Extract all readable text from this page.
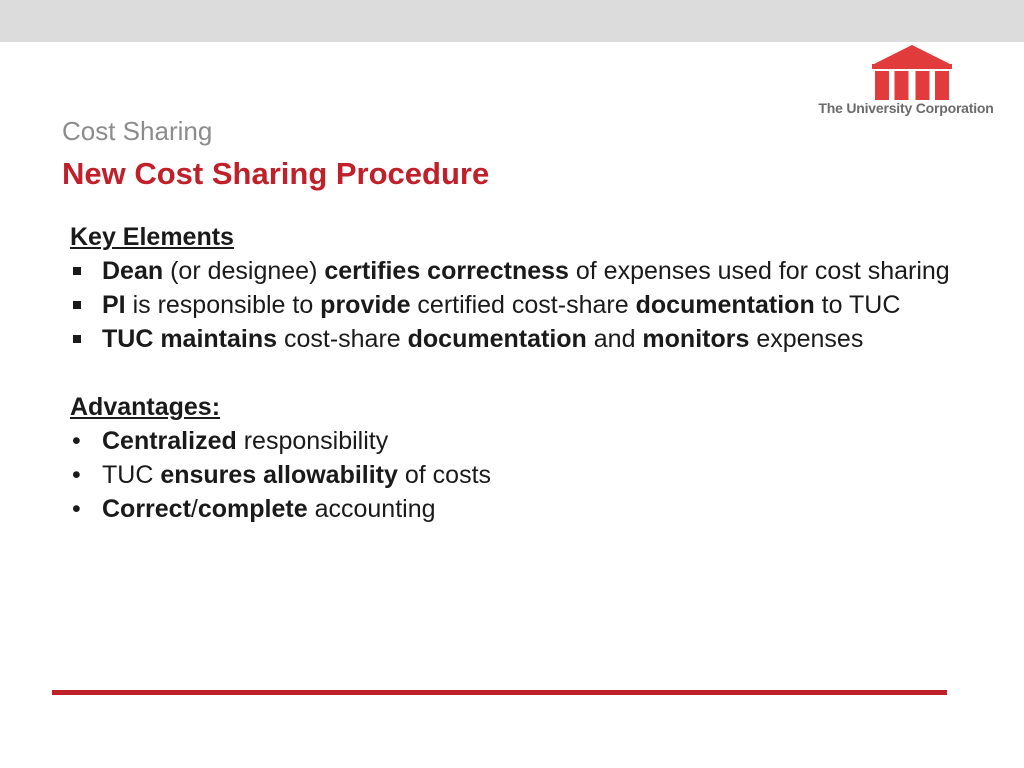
The University Corporation
Cost Sharing
New Cost Sharing Procedure
Key Elements
Dean (or designee) certifies correctness of expenses used for cost sharing
PI is responsible to provide certified cost-share documentation to TUC
TUC maintains cost-share documentation and monitors expenses
Advantages:
• Centralized responsibility
• TUC ensures allowability of costs
• Correct/complete accounting
